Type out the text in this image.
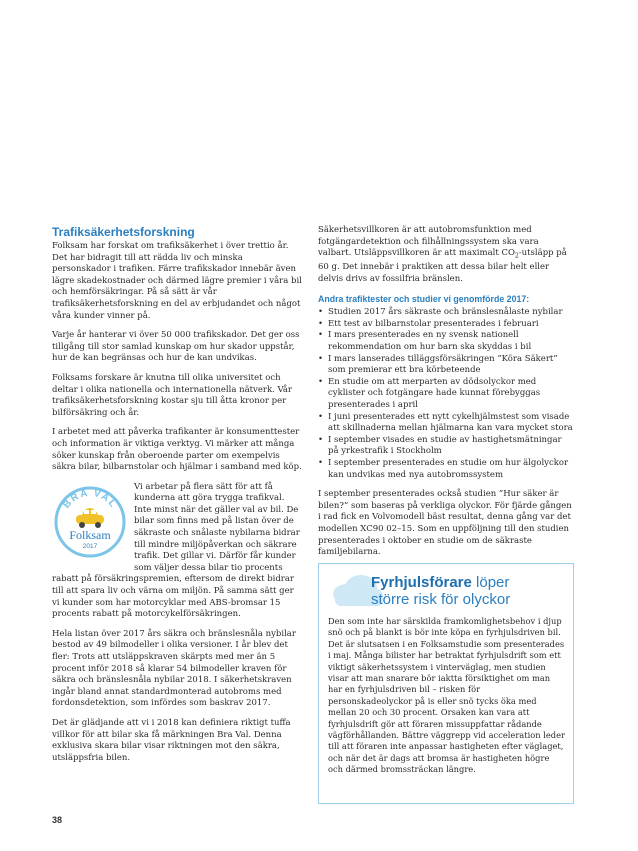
Trafiksäkerhetsforskning

Folksam har forskat om trafiksäkerhet i över trettio år. Det har bidragit till att rädda liv och minska personskador i trafiken. Färre trafikskador innebär även lägre skadekostnader och därmed lägre premier i våra bil och hemförsäkringar. På så sätt är vår trafiksäkerhetsforskning en del av erbjudandet och något våra kunder vinner på.

Varje år hanterar vi över 50 000 trafikskador. Det ger oss tillgång till stor samlad kunskap om hur skador uppstår, hur de kan begränsas och hur de kan undvikas.

Folksams forskare är knutna till olika universitet och deltar i olika nationella och internationella nätverk. Vår trafiksäkerhetsforskning kostar sju till åtta kronor per bilförsäkring och år.

I arbetet med att påverka trafikanter är konsumenttester och information är viktiga verktyg. Vi märker att många söker kunskap från oberoende parter om exempelvis säkra bilar, bilbarnstolar och hjälmar i samband med köp.

BRA VAL
Folksam
2017

Vi arbetar på flera sätt för att få kunderna att göra trygga trafikval. Inte minst när det gäller val av bil. De bilar som finns med på listan över de säkraste och snålaste nybilarna bidrar till mindre miljöpåverkan och säkrare trafik. Det gillar vi. Därför får kunder som väljer dessa bilar tio procents rabatt på försäkringspremien, eftersom de direkt bidrar till att spara liv och värna om miljön. På samma sätt ger vi kunder som har motorcyklar med ABS-bromsar 15 procents rabatt på motorcykelförsäkringen.

Hela listan över 2017 års säkra och bränslesnåla nybilar bestod av 49 bilmodeller i olika versioner. I år blev det fler: Trots att utsläppskraven skärpts med mer än 5 procent inför 2018 så klarar 54 bilmodeller kraven för säkra och bränslesnåla nybilar 2018. I säkerhetskraven ingår bland annat standardmonterad autobroms med fordonsdetektion, som infördes som baskrav 2017.

Det är glädjande att vi i 2018 kan definiera riktigt tuffa villkor för att bilar ska få märkningen Bra Val. Denna exklusiva skara bilar visar riktningen mot den säkra, utsläppsfria bilen.

Säkerhetsvillkoren är att autobromsfunktion med fotgängardetektion och filhållningssystem ska vara valbart. Utsläppsvillkoren är att maximalt $CO_2$-utsläpp på 60 g. Det innebär i praktiken att dessa bilar helt eller delvis drivs av fossilfria bränslen.

Andra trafiktester och studier vi genomförde 2017:
• Studien 2017 års säkraste och bränslesnålaste nybilar
• Ett test av bilbarnstolar presenterades i februari
• I mars presenterades en ny svensk nationell rekommendation om hur barn ska skyddas i bil
• I mars lanserades tilläggsförsäkringen ”Köra Säkert” som premierar ett bra körbeteende
• En studie om att merparten av dödsolyckor med cyklister och fotgängare hade kunnat förebyggas presenterades i april
• I juni presenterades ett nytt cykelhjälmstest som visade att skillnaderna mellan hjälmarna kan vara mycket stora
• I september visades en studie av hastighetsmätningar på yrkestrafik i Stockholm
• I september presenterades en studie om hur älgolyckor kan undvikas med nya autobromssystem

I september presenterades också studien ”Hur säker är bilen?” som baseras på verkliga olyckor. För fjärde gången i rad fick en Volvomodell bäst resultat, denna gång var det modellen XC90 02–15. Som en uppföljning till den studien presenterades i oktober en studie om de säkraste familjebilarna.

Fyrhjulsförare löper
större risk för olyckor

Den som inte har särskilda framkomlighetsbehov i djup snö och på blankt is bör inte köpa en fyrhjulsdriven bil. Det är slutsatsen i en Folksamstudie som presenterades i maj. Många bilister har betraktat fyrhjulsdrift som ett viktigt säkerhetssystem i vinterväglag, men studien visar att man snarare bör iaktta försiktighet om man har en fyrhjulsdriven bil – risken för personskadeolyckor på is eller snö tycks öka med mellan 20 och 30 procent. Orsaken kan vara att fyrhjulsdrift gör att föraren missuppfattar rådande vägförhållanden. Bättre väggrepp vid acceleration leder till att föraren inte anpassar hastigheten efter väglaget, och när det är dags att bromsa är hastigheten högre och därmed bromssträckan längre.

38
